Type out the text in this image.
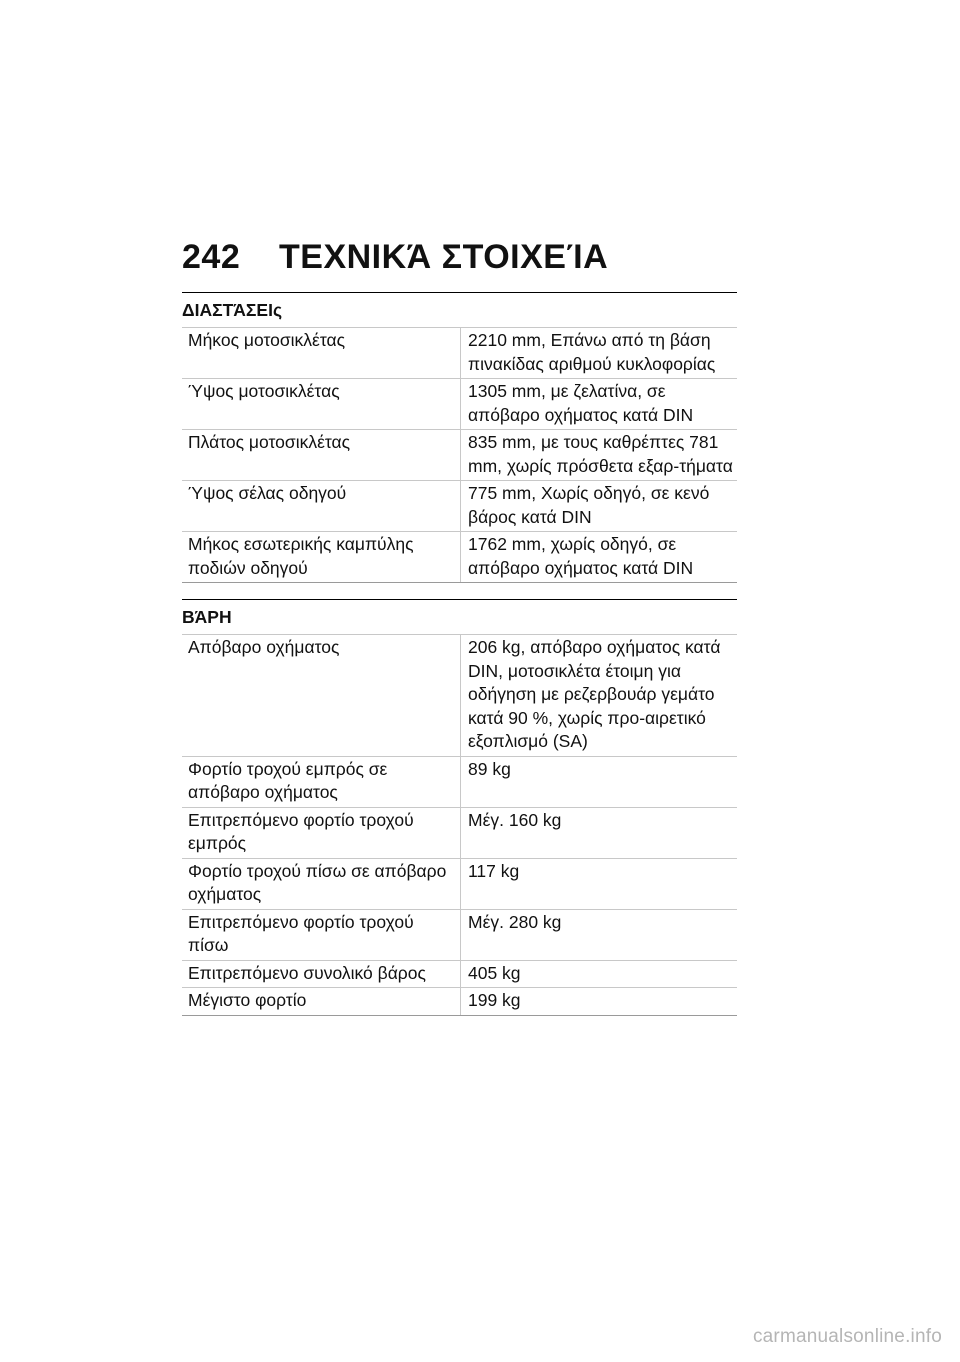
242	ΤΕΧΝΙΚΆ ΣΤΟΙΧΕΊΑ
ΔΙΑΣΤΆΣΕΙς
Μήκος μοτοσικλέτας	2210 mm, Επάνω από τη βάση πινακίδας αριθμού κυκλοφορίας
Ύψος μοτοσικλέτας	1305 mm, με ζελατίνα, σε απόβαρο οχήματος κατά DIN
Πλάτος μοτοσικλέτας	835 mm, με τους καθρέπτες 781 mm, χωρίς πρόσθετα εξαρ-τήματα
Ύψος σέλας οδηγού	775 mm, Χωρίς οδηγό, σε κενό βάρος κατά DIN
Μήκος εσωτερικής καμπύλης ποδιών οδηγού	1762 mm, χωρίς οδηγό, σε απόβαρο οχήματος κατά DIN
ΒΆΡΗ
Απόβαρο οχήματος	206 kg, απόβαρο οχήματος κατά DIN, μοτοσικλέτα έτοιμη για οδήγηση με ρεζερβουάρ γεμάτο κατά 90 %, χωρίς προ-αιρετικό εξοπλισμό (SA)
Φορτίο τροχού εμπρός σε απόβαρο οχήματος	89 kg
Επιτρεπόμενο φορτίο τροχού εμπρός	Μέγ. 160 kg
Φορτίο τροχού πίσω σε απόβαρο οχήματος	117 kg
Επιτρεπόμενο φορτίο τροχού πίσω	Μέγ. 280 kg
Επιτρεπόμενο συνολικό βάρος	405 kg
Μέγιστο φορτίο	199 kg
carmanualsonline.info
